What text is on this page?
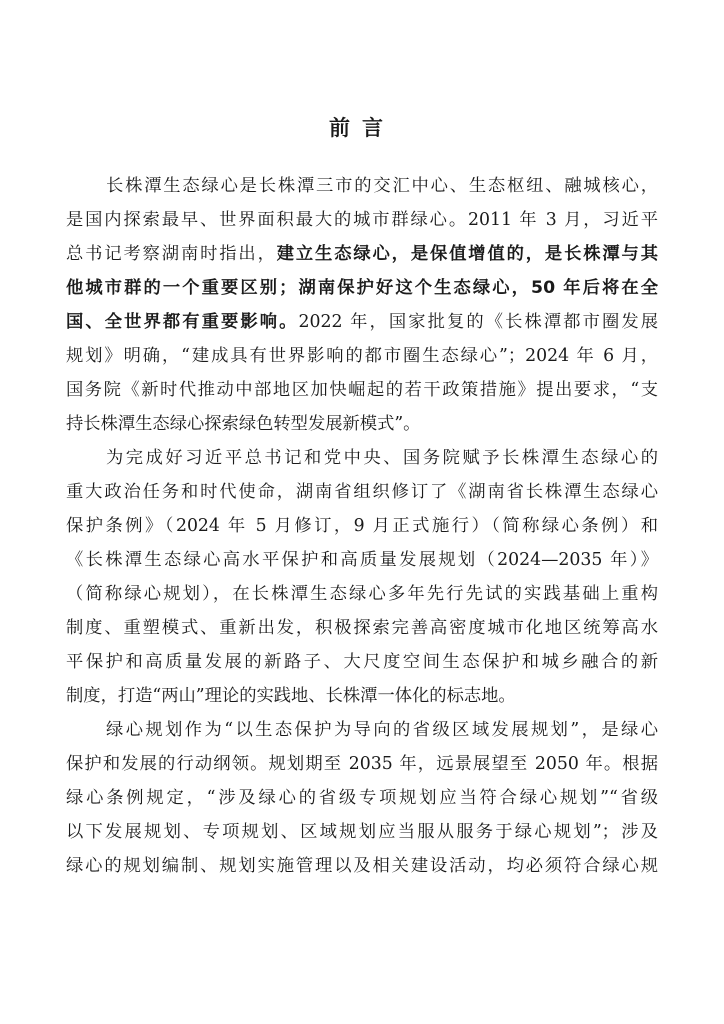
前言
长株潭生态绿心是长株潭三市的交汇中心、生态枢纽、融城核心，
是国内探索最早、世界面积最大的城市群绿心。2011 年 3 月，习近平
总书记考察湖南时指出，建立生态绿心，是保值增值的，是长株潭与其
他城市群的一个重要区别；湖南保护好这个生态绿心，50 年后将在全
国、全世界都有重要影响。2022 年，国家批复的《长株潭都市圈发展
规划》明确，“建成具有世界影响的都市圈生态绿心”；2024 年 6 月，
国务院《新时代推动中部地区加快崛起的若干政策措施》提出要求，“支
持长株潭生态绿心探索绿色转型发展新模式”。
为完成好习近平总书记和党中央、国务院赋予长株潭生态绿心的
重大政治任务和时代使命，湖南省组织修订了《湖南省长株潭生态绿心
保护条例》（2024 年 5 月修订，9 月正式施行）（简称绿心条例）和
《长株潭生态绿心高水平保护和高质量发展规划（2024—2035 年）》
（简称绿心规划），在长株潭生态绿心多年先行先试的实践基础上重构
制度、重塑模式、重新出发，积极探索完善高密度城市化地区统筹高水
平保护和高质量发展的新路子、大尺度空间生态保护和城乡融合的新
制度，打造“两山”理论的实践地、长株潭一体化的标志地。
绿心规划作为“以生态保护为导向的省级区域发展规划”，是绿心
保护和发展的行动纲领。规划期至 2035 年，远景展望至 2050 年。根据
绿心条例规定，“涉及绿心的省级专项规划应当符合绿心规划”“省级
以下发展规划、专项规划、区域规划应当服从服务于绿心规划”；涉及
绿心的规划编制、规划实施管理以及相关建设活动，均必须符合绿心规
